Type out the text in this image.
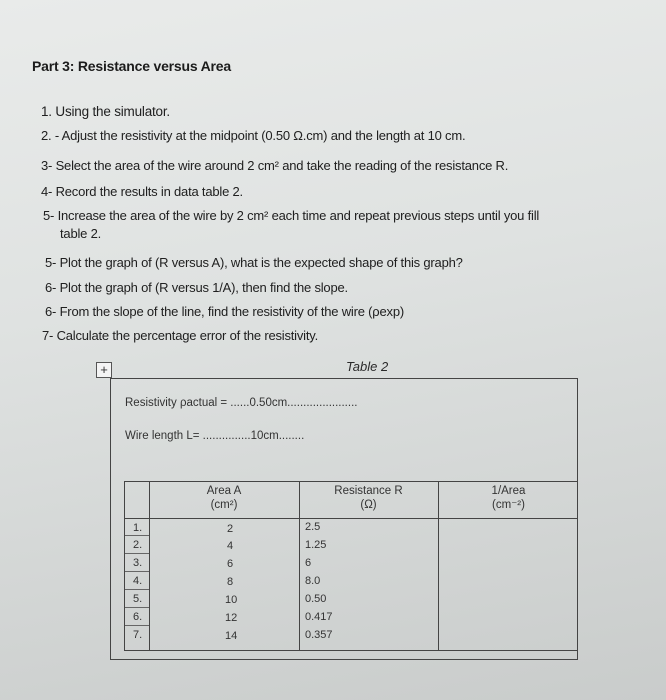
Part 3: Resistance versus Area
1. Using the simulator.
2. - Adjust the resistivity at the midpoint (0.50 Ω.cm) and the length at 10 cm.
3- Select the area of the wire around 2 cm² and take the reading of the resistance R.
4- Record the results in data table 2.
5- Increase the area of the wire by 2 cm² each time and repeat previous steps until you fill
table 2.
5- Plot the graph of (R versus A), what is the expected shape of this graph?
6- Plot the graph of (R versus 1/A), then find the slope.
6- From the slope of the line, find the resistivity of the wire (ρexp)
7- Calculate the percentage error of the resistivity.
+	Table 2
Resistivity ρactual = ......0.50cm......................
Wire length L= ...............10cm........
Area A
(cm²)
Resistance R
(Ω)
1/Area
(cm⁻²)
1.	2	2.5
2.	4	1.25
3.	6	6
4.	8	8.0
5.	10	0.50
6.	12	0.417
7.	14	0.357
